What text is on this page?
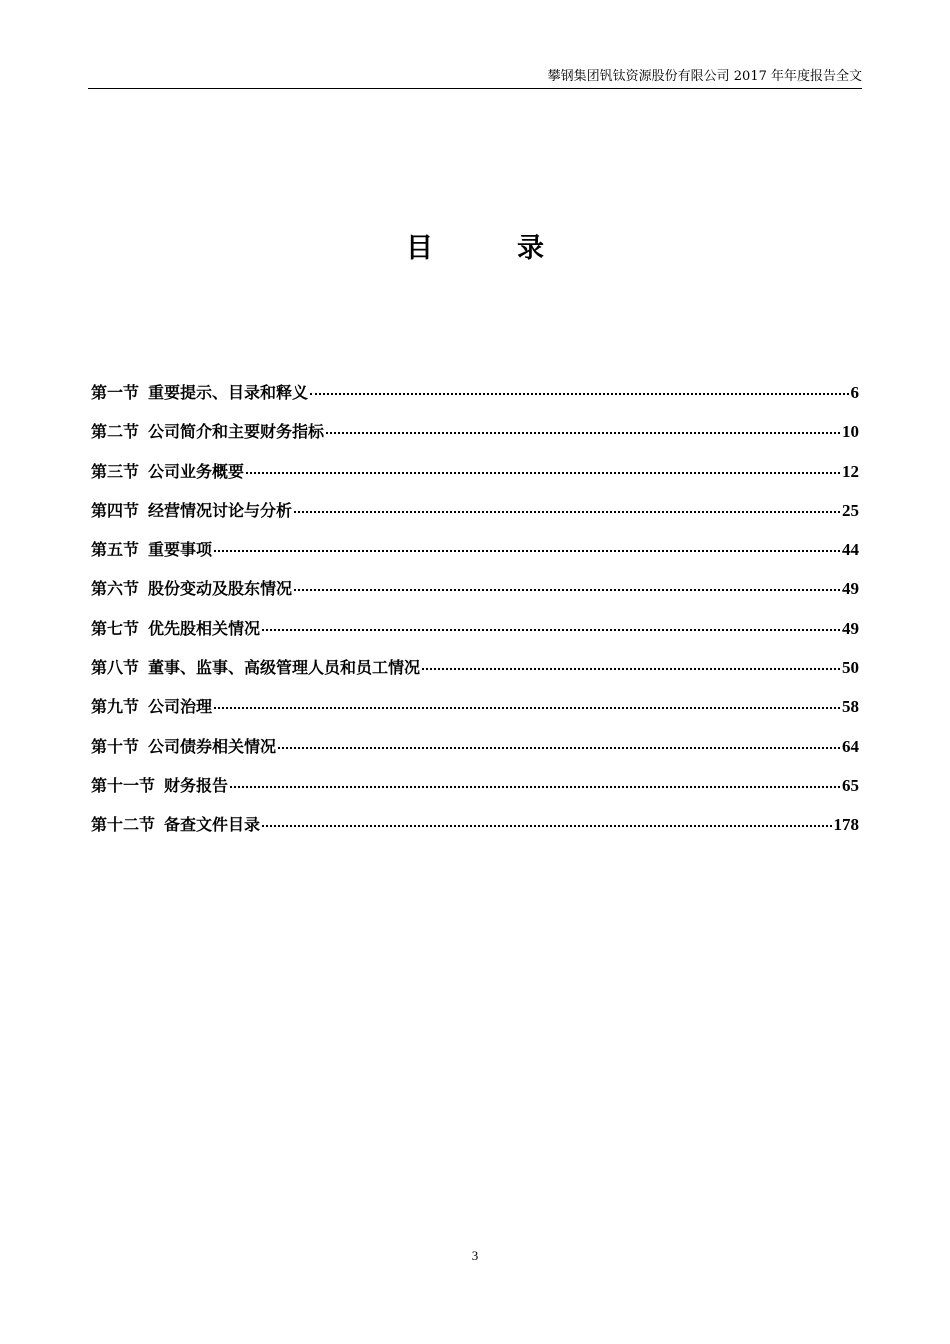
攀钢集团钒钛资源股份有限公司 2017 年年度报告全文
目录
第一节 重要提示、目录和释义	6
第二节 公司简介和主要财务指标	10
第三节 公司业务概要	12
第四节 经营情况讨论与分析	25
第五节 重要事项	44
第六节 股份变动及股东情况	49
第七节 优先股相关情况	49
第八节 董事、监事、高级管理人员和员工情况	50
第九节 公司治理	58
第十节 公司债券相关情况	64
第十一节 财务报告	65
第十二节 备查文件目录	178
3
